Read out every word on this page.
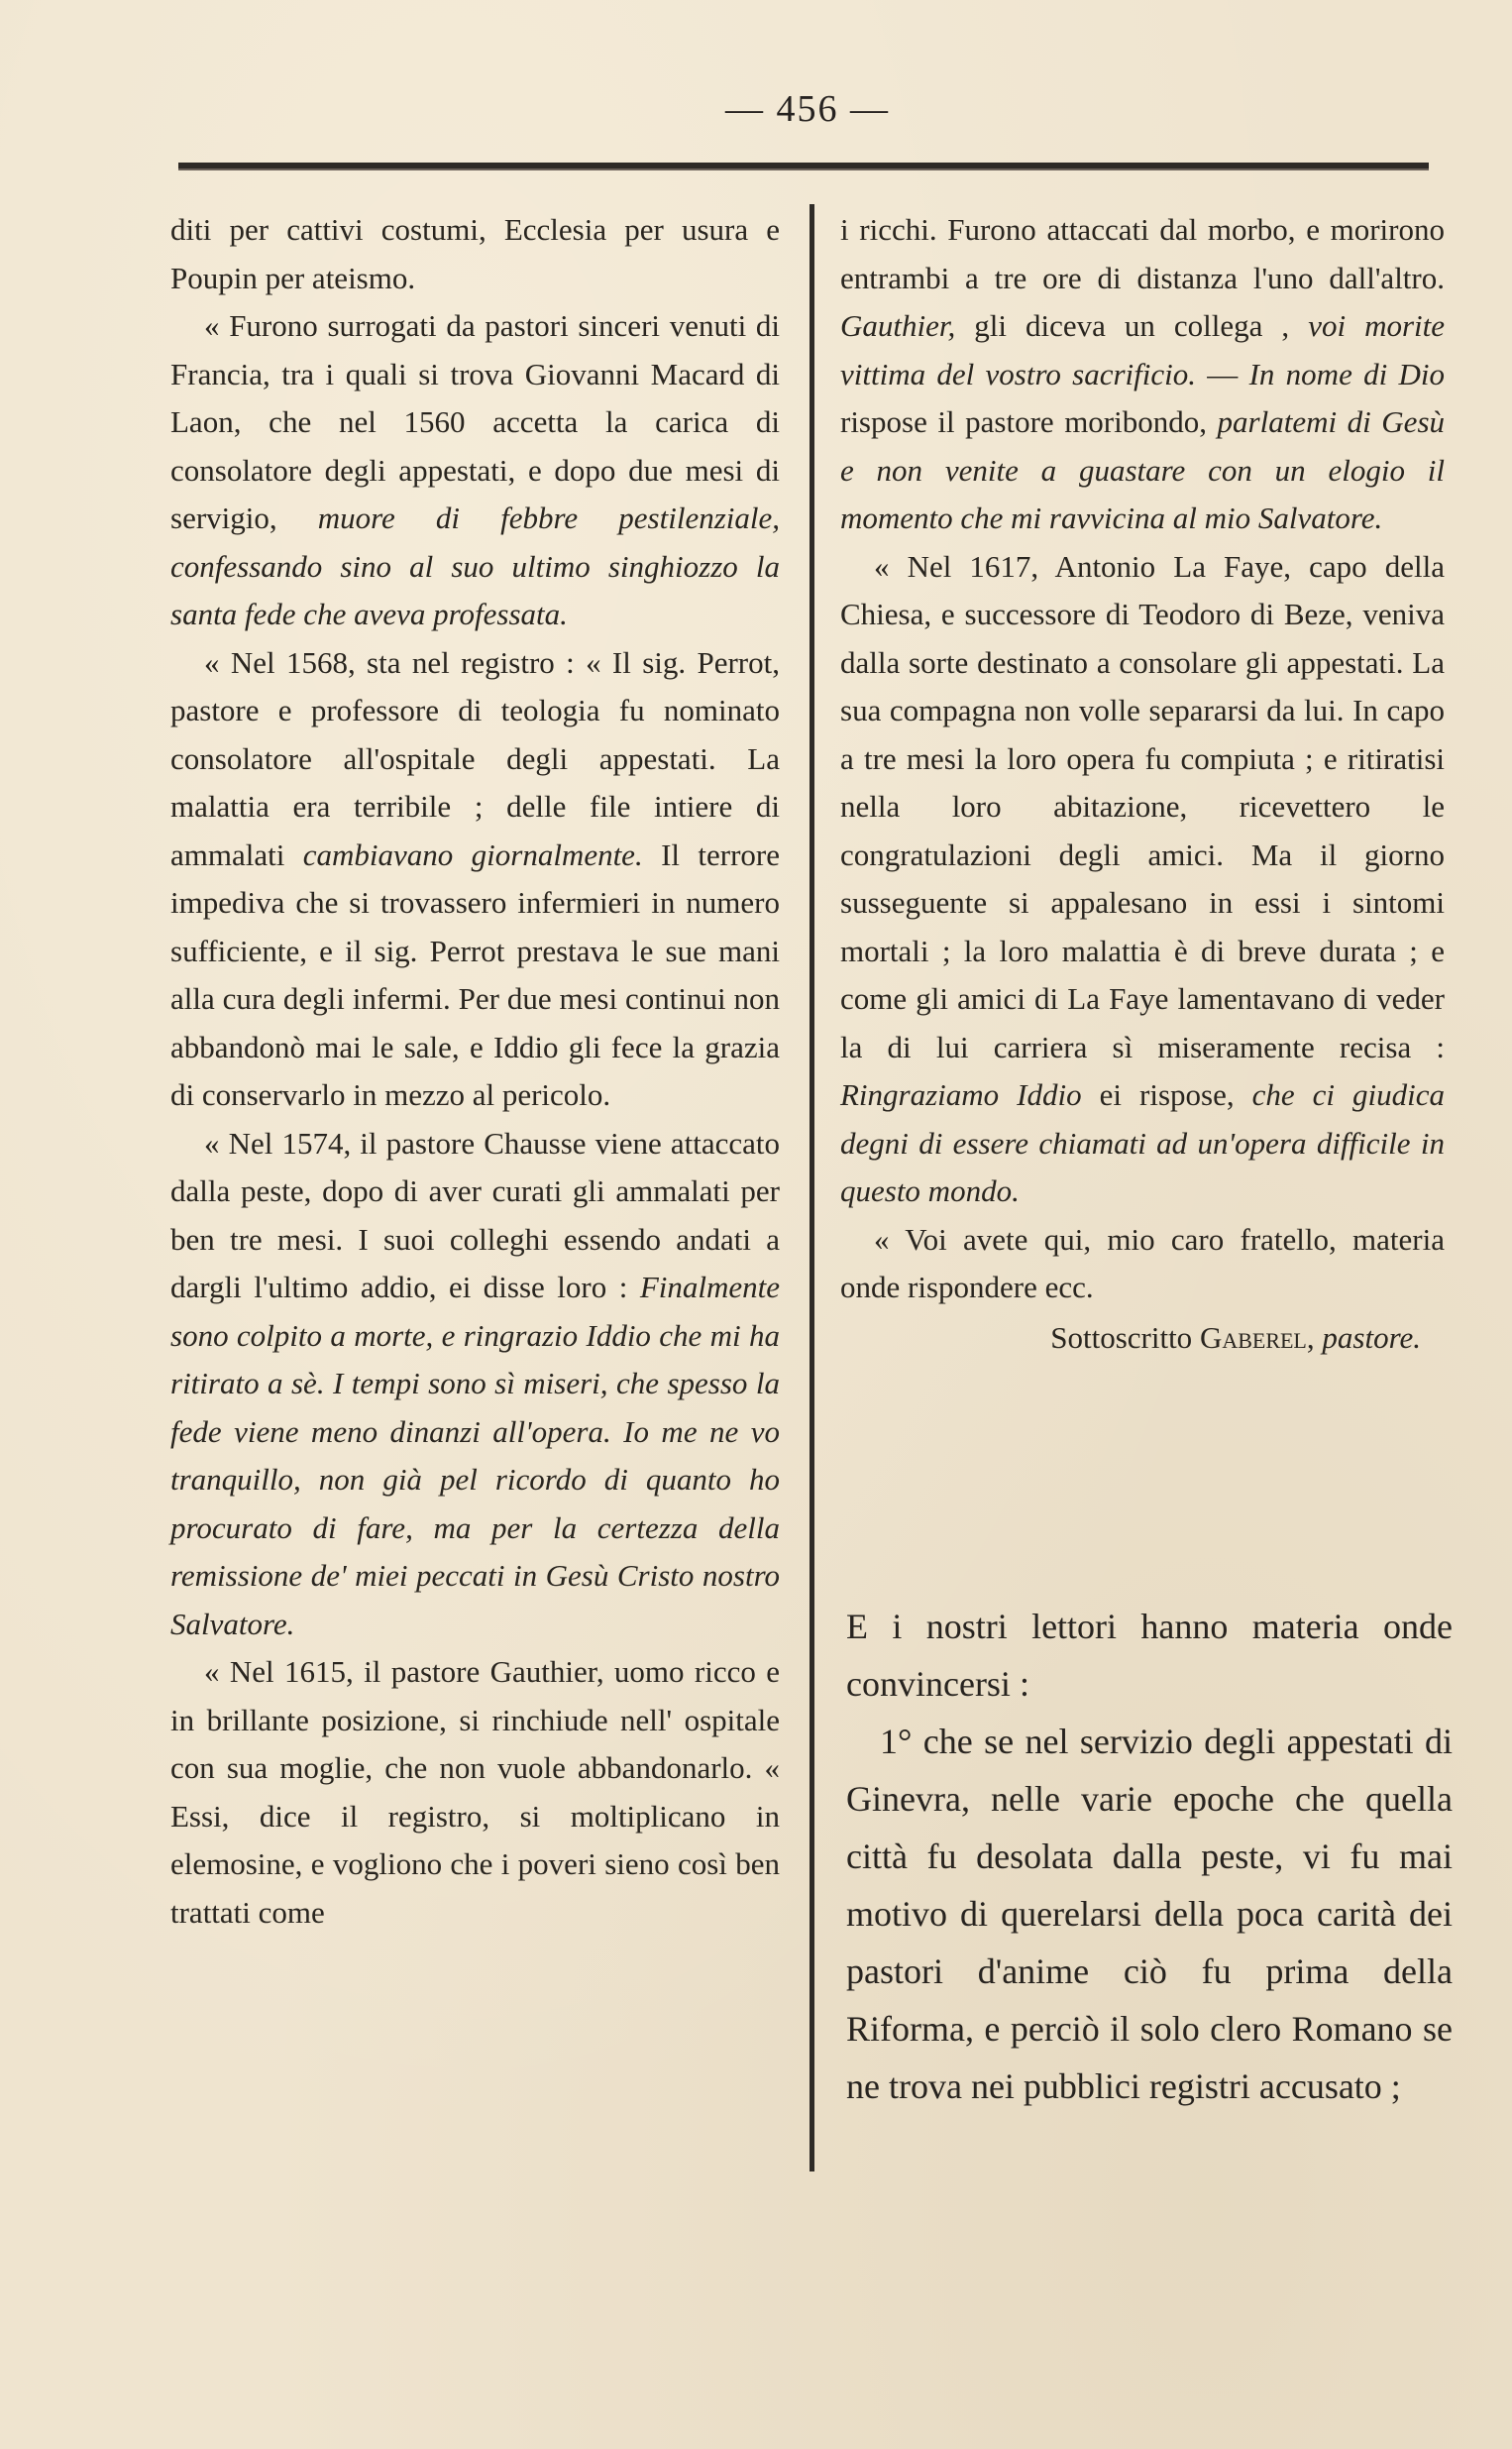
— 456 —

diti per cattivi costumi, Ecclesia per usura e Poupin per ateismo.

« Furono surrogati da pastori sinceri venuti di Francia, tra i quali si trova Giovanni Macard di Laon, che nel 1560 accetta la carica di consolatore degli appestati, e dopo due mesi di servigio, muore di febbre pestilenziale, confessando sino al suo ultimo singhiozzo la santa fede che aveva professata.

« Nel 1568, sta nel registro : « Il sig. Perrot, pastore e professore di teologia fu nominato consolatore all'ospitale degli appestati. La malattia era terribile ; delle file intiere di ammalati cambiavano giornalmente. Il terrore impediva che si trovassero infermieri in numero sufficiente, e il sig. Perrot prestava le sue mani alla cura degli infermi. Per due mesi continui non abbandonò mai le sale, e Iddio gli fece la grazia di conservarlo in mezzo al pericolo.

« Nel 1574, il pastore Chausse viene attaccato dalla peste, dopo di aver curati gli ammalati per ben tre mesi. I suoi colleghi essendo andati a dargli l'ultimo addio, ei disse loro : Finalmente sono colpito a morte, e ringrazio Iddio che mi ha ritirato a sè. I tempi sono sì miseri, che spesso la fede viene meno dinanzi all'opera. Io me ne vo tranquillo, non già pel ricordo di quanto ho procurato di fare, ma per la certezza della remissione de' miei peccati in Gesù Cristo nostro Salvatore.

« Nel 1615, il pastore Gauthier, uomo ricco e in brillante posizione, si rinchiude nell' ospitale con sua moglie, che non vuole abbandonarlo. « Essi, dice il registro, si moltiplicano in elemosine, e vogliono che i poveri sieno così ben trattati come

i ricchi. Furono attaccati dal morbo, e morirono entrambi a tre ore di distanza l'uno dall'altro. Gauthier, gli diceva un collega , voi morite vittima del vostro sacrificio. — In nome di Dio rispose il pastore moribondo, parlatemi di Gesù e non venite a guastare con un elogio il momento che mi ravvicina al mio Salvatore.

« Nel 1617, Antonio La Faye, capo della Chiesa, e successore di Teodoro di Beze, veniva dalla sorte destinato a consolare gli appestati. La sua compagna non volle separarsi da lui. In capo a tre mesi la loro opera fu compiuta ; e ritiratisi nella loro abitazione, ricevettero le congratulazioni degli amici. Ma il giorno susseguente si appalesano in essi i sintomi mortali ; la loro malattia è di breve durata ; e come gli amici di La Faye lamentavano di veder la di lui carriera sì miseramente recisa : Ringraziamo Iddio ei rispose, che ci giudica degni di essere chiamati ad un'opera difficile in questo mondo.

« Voi avete qui, mio caro fratello, materia onde rispondere ecc.

Sottoscritto Gaberel, pastore.

E i nostri lettori hanno materia onde convincersi :

1° che se nel servizio degli appestati di Ginevra, nelle varie epoche che quella città fu desolata dalla peste, vi fu mai motivo di querelarsi della poca carità dei pastori d'anime ciò fu prima della Riforma, e perciò il solo clero Romano se ne trova nei pubblici registri accusato ;
